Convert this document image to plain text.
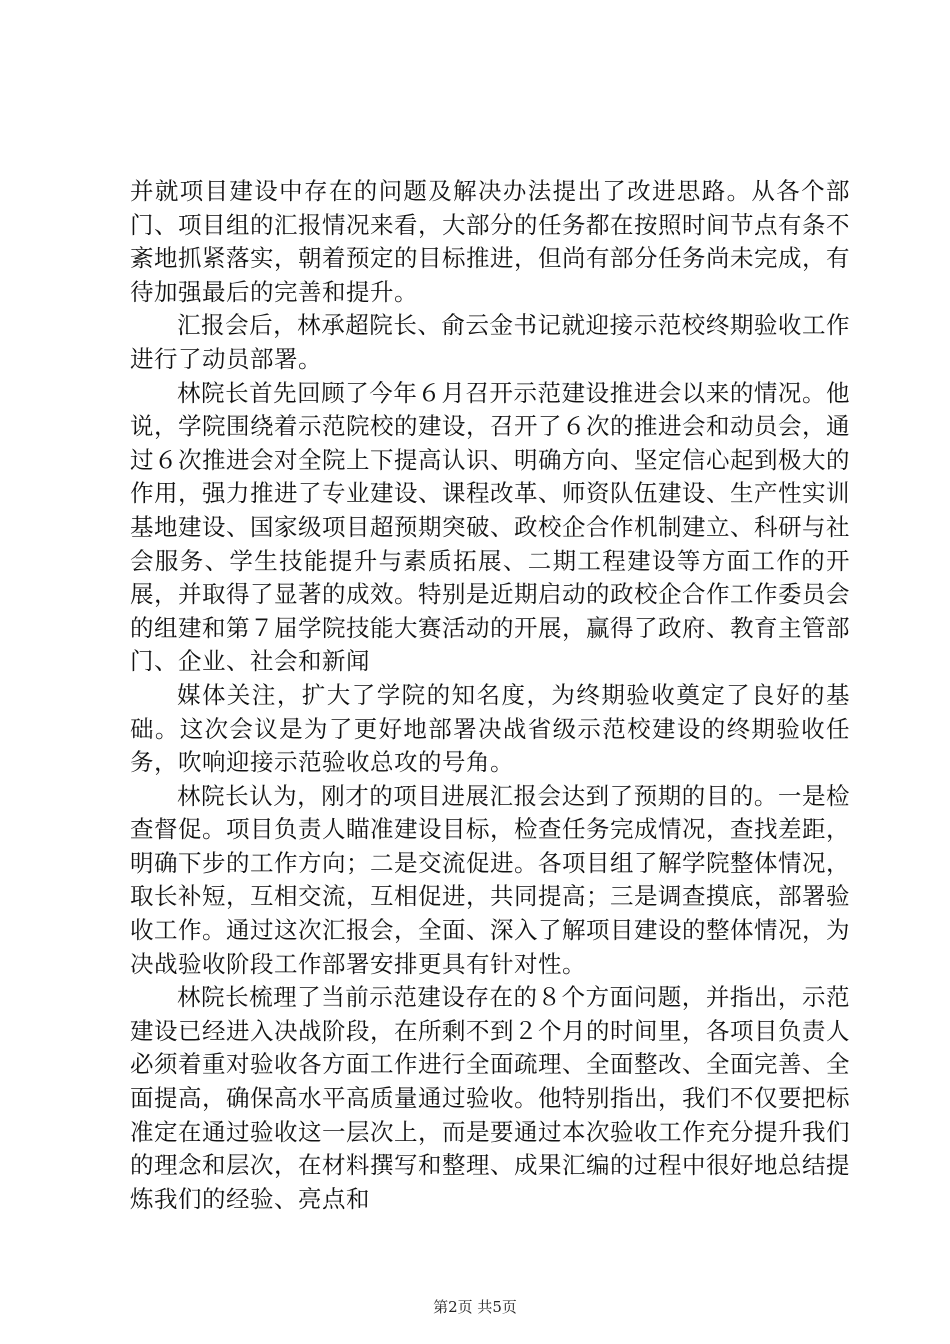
并就项目建设中存在的问题及解决办法提出了改进思路。从各个部门、项目组的汇报情况来看，大部分的任务都在按照时间节点有条不紊地抓紧落实，朝着预定的目标推进，但尚有部分任务尚未完成，有待加强最后的完善和提升。

汇报会后，林承超院长、俞云金书记就迎接示范校终期验收工作进行了动员部署。

林院长首先回顾了今年６月召开示范建设推进会以来的情况。他说，学院围绕着示范院校的建设，召开了６次的推进会和动员会，通过６次推进会对全院上下提高认识、明确方向、坚定信心起到极大的作用，强力推进了专业建设、课程改革、师资队伍建设、生产性实训基地建设、国家级项目超预期突破、政校企合作机制建立、科研与社会服务、学生技能提升与素质拓展、二期工程建设等方面工作的开展，并取得了显著的成效。特别是近期启动的政校企合作工作委员会的组建和第７届学院技能大赛活动的开展，赢得了政府、教育主管部门、企业、社会和新闻

媒体关注，扩大了学院的知名度，为终期验收奠定了良好的基础。这次会议是为了更好地部署决战省级示范校建设的终期验收任务，吹响迎接示范验收总攻的号角。

林院长认为，刚才的项目进展汇报会达到了预期的目的。一是检查督促。项目负责人瞄准建设目标，检查任务完成情况，查找差距，明确下步的工作方向；二是交流促进。各项目组了解学院整体情况，取长补短，互相交流，互相促进，共同提高；三是调查摸底，部署验收工作。通过这次汇报会，全面、深入了解项目建设的整体情况，为决战验收阶段工作部署安排更具有针对性。

林院长梳理了当前示范建设存在的８个方面问题，并指出，示范建设已经进入决战阶段，在所剩不到２个月的时间里，各项目负责人必须着重对验收各方面工作进行全面疏理、全面整改、全面完善、全面提高，确保高水平高质量通过验收。他特别指出，我们不仅要把标准定在通过验收这一层次上，而是要通过本次验收工作充分提升我们的理念和层次，在材料撰写和整理、成果汇编的过程中很好地总结提炼我们的经验、亮点和

第2页 共5页
